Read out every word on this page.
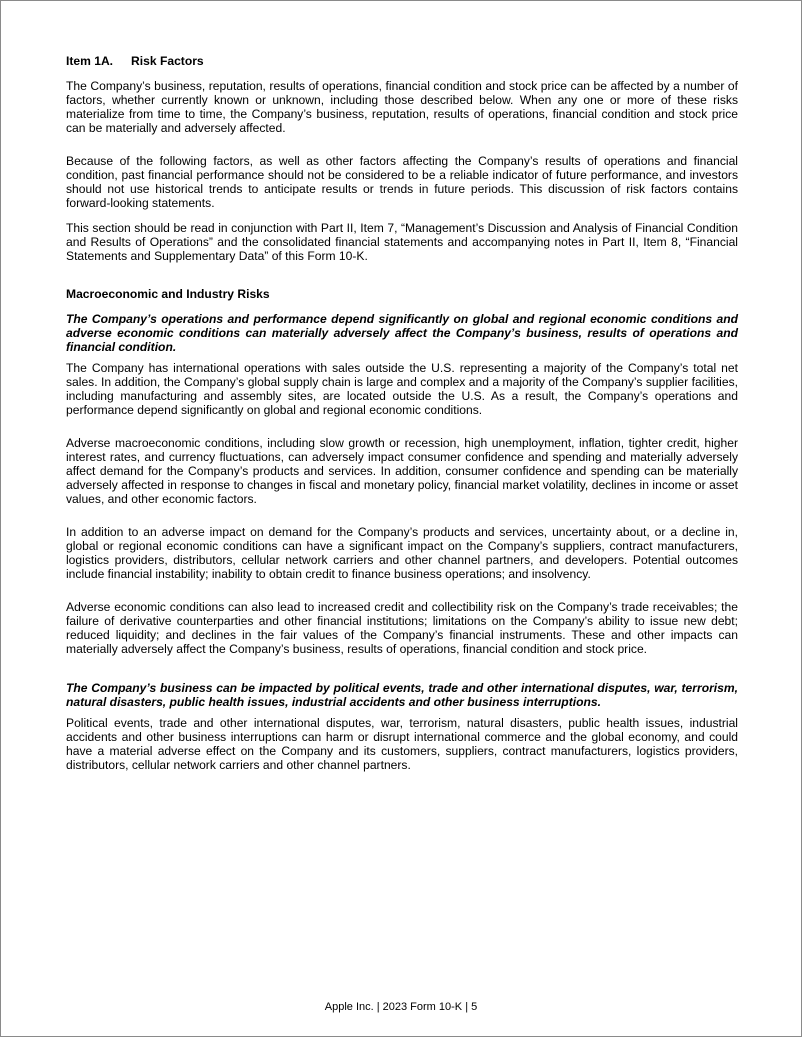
Item 1A. Risk Factors

The Company’s business, reputation, results of operations, financial condition and stock price can be affected by a number of factors, whether currently known or unknown, including those described below. When any one or more of these risks materialize from time to time, the Company’s business, reputation, results of operations, financial condition and stock price can be materially and adversely affected.

Because of the following factors, as well as other factors affecting the Company’s results of operations and financial condition, past financial performance should not be considered to be a reliable indicator of future performance, and investors should not use historical trends to anticipate results or trends in future periods. This discussion of risk factors contains forward-looking statements.

This section should be read in conjunction with Part II, Item 7, “Management’s Discussion and Analysis of Financial Condition and Results of Operations” and the consolidated financial statements and accompanying notes in Part II, Item 8, “Financial Statements and Supplementary Data” of this Form 10-K.

Macroeconomic and Industry Risks

The Company’s operations and performance depend significantly on global and regional economic conditions and adverse economic conditions can materially adversely affect the Company’s business, results of operations and financial condition.

The Company has international operations with sales outside the U.S. representing a majority of the Company’s total net sales. In addition, the Company’s global supply chain is large and complex and a majority of the Company’s supplier facilities, including manufacturing and assembly sites, are located outside the U.S. As a result, the Company’s operations and performance depend significantly on global and regional economic conditions.

Adverse macroeconomic conditions, including slow growth or recession, high unemployment, inflation, tighter credit, higher interest rates, and currency fluctuations, can adversely impact consumer confidence and spending and materially adversely affect demand for the Company’s products and services. In addition, consumer confidence and spending can be materially adversely affected in response to changes in fiscal and monetary policy, financial market volatility, declines in income or asset values, and other economic factors.

In addition to an adverse impact on demand for the Company’s products and services, uncertainty about, or a decline in, global or regional economic conditions can have a significant impact on the Company’s suppliers, contract manufacturers, logistics providers, distributors, cellular network carriers and other channel partners, and developers. Potential outcomes include financial instability; inability to obtain credit to finance business operations; and insolvency.

Adverse economic conditions can also lead to increased credit and collectibility risk on the Company’s trade receivables; the failure of derivative counterparties and other financial institutions; limitations on the Company’s ability to issue new debt; reduced liquidity; and declines in the fair values of the Company’s financial instruments. These and other impacts can materially adversely affect the Company’s business, results of operations, financial condition and stock price.

The Company’s business can be impacted by political events, trade and other international disputes, war, terrorism, natural disasters, public health issues, industrial accidents and other business interruptions.

Political events, trade and other international disputes, war, terrorism, natural disasters, public health issues, industrial accidents and other business interruptions can harm or disrupt international commerce and the global economy, and could have a material adverse effect on the Company and its customers, suppliers, contract manufacturers, logistics providers, distributors, cellular network carriers and other channel partners.

Apple Inc. | 2023 Form 10-K | 5
